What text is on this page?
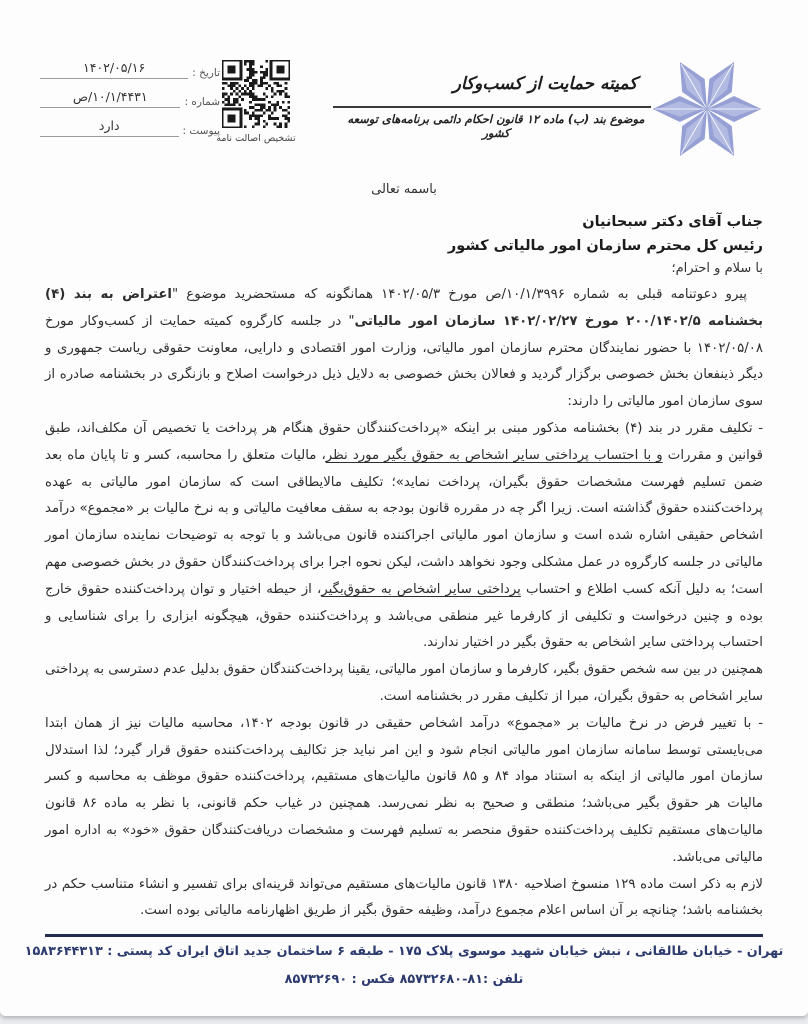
تاریخ :
۱۴۰۲/۰۵/۱۶
شماره :
۱۰/۱/۴۴۳۱/ص
پیوست :
دارد
تشخیص اصالت نامه
کمیته حمایت از کسب‌وکار
موضوع بند (ب) ماده ۱۲ قانون احکام دائمی برنامه‌های توسعه کشور
باسمه تعالی
جناب آقای دکتر سبحانیان
رئیس کل محترم سازمان امور مالیاتی کشور
با سلام و احترام؛

پیرو دعوتنامه قبلی به شماره ۱۰/۱/۳۹۹۶/ص مورخ ۱۴۰۲/۰۵/۳ همانگونه که مستحضرید موضوع "اعتراض به بند (۴) بخشنامه ۲۰۰/۱۴۰۲/۵ مورخ ۱۴۰۲/۰۲/۲۷ سازمان امور مالیاتی" در جلسه کارگروه کمیته حمایت از کسب‌وکار مورخ ۱۴۰۲/۰۵/۰۸ با حضور نمایندگان محترم سازمان امور مالیاتی، وزارت امور اقتصادی و دارایی، معاونت حقوقی ریاست جمهوری و دیگر ذینفعان بخش خصوصی برگزار گردید و فعالان بخش خصوصی به دلایل ذیل درخواست اصلاح و بازنگری در بخشنامه صادره از سوی سازمان امور مالیاتی را دارند:

- تکلیف مقرر در بند (۴) بخشنامه مذکور مبنی بر اینکه «پرداخت‌کنندگان حقوق هنگام هر پرداخت یا تخصیص آن مکلف‌اند، طبق قوانین و مقررات و با احتساب پرداختی سایر اشخاص به حقوق بگیر مورد نظر، مالیات متعلق را محاسبه، کسر و تا پایان ماه بعد ضمن تسلیم فهرست مشخصات حقوق بگیران، پرداخت نماید»؛ تکلیف مالایطاقی است که سازمان امور مالیاتی به عهده پرداخت‌کننده حقوق گذاشته است. زیرا اگر چه در مقرره قانون بودجه به سقف معافیت مالیاتی و به نرخ مالیات بر «مجموع» درآمد اشخاص حقیقی اشاره شده است و سازمان امور مالیاتی اجراکننده قانون می‌باشد و با توجه به توضیحات نماینده سازمان امور مالیاتی در جلسه کارگروه در عمل مشکلی وجود نخواهد داشت، لیکن نحوه اجرا برای پرداخت‌کنندگان حقوق در بخش خصوصی مهم است؛ به دلیل آنکه کسب اطلاع و احتساب پرداختی سایر اشخاص به حقوق‌بگیر، از حیطه اختیار و توان پرداخت‌کننده حقوق خارج بوده و چنین درخواست و تکلیفی از کارفرما غیر منطقی می‌باشد و پرداخت‌کننده حقوق، هیچگونه ابزاری را برای شناسایی و احتساب پرداختی سایر اشخاص به حقوق بگیر در اختیار ندارند.

همچنین در بین سه شخص حقوق بگیر، کارفرما و سازمان امور مالیاتی، یقینا پرداخت‌کنندگان حقوق بدلیل عدم دسترسی به پرداختی سایر اشخاص به حقوق بگیران، مبرا از تکلیف مقرر در بخشنامه است.

- با تغییر فرض در نرخ مالیات بر «مجموع» درآمد اشخاص حقیقی در قانون بودجه ۱۴۰۲، محاسبه مالیات نیز از همان ابتدا می‌بایستی توسط سامانه سازمان امور مالیاتی انجام شود و این امر نباید جز تکالیف پرداخت‌کننده حقوق قرار گیرد؛ لذا استدلال سازمان امور مالیاتی از اینکه به استناد مواد ۸۴ و ۸۵ قانون مالیات‌های مستقیم، پرداخت‌کننده حقوق موظف به محاسبه و کسر مالیات هر حقوق بگیر می‌باشد؛ منطقی و صحیح به نظر نمی‌رسد. همچنین در غیاب حکم قانونی، با نظر به ماده ۸۶ قانون مالیات‌های مستقیم تکلیف پرداخت‌کننده حقوق منحصر به تسلیم فهرست و مشخصات دریافت‌کنندگان حقوق «خود» به اداره امور مالیاتی می‌باشد.

لازم به ذکر است ماده ۱۲۹ منسوخ اصلاحیه ۱۳۸۰ قانون مالیات‌های مستقیم می‌تواند قرینه‌ای برای تفسیر و انشاء متناسب حکم در بخشنامه باشد؛ چنانچه بر آن اساس اعلام مجموع درآمد، وظیفه حقوق بگیر از طریق اظهارنامه مالیاتی بوده است.

تهران - خیابان طالقانی ، نبش خیابان شهید موسوی پلاک ۱۷۵ - طبقه ۶ ساختمان جدید اتاق ایران کد پستی : ۱۵۸۳۶۴۴۳۱۳
تلفن :۸۱-۸۵۷۳۲۶۸۰ فکس : ۸۵۷۳۲۶۹۰
